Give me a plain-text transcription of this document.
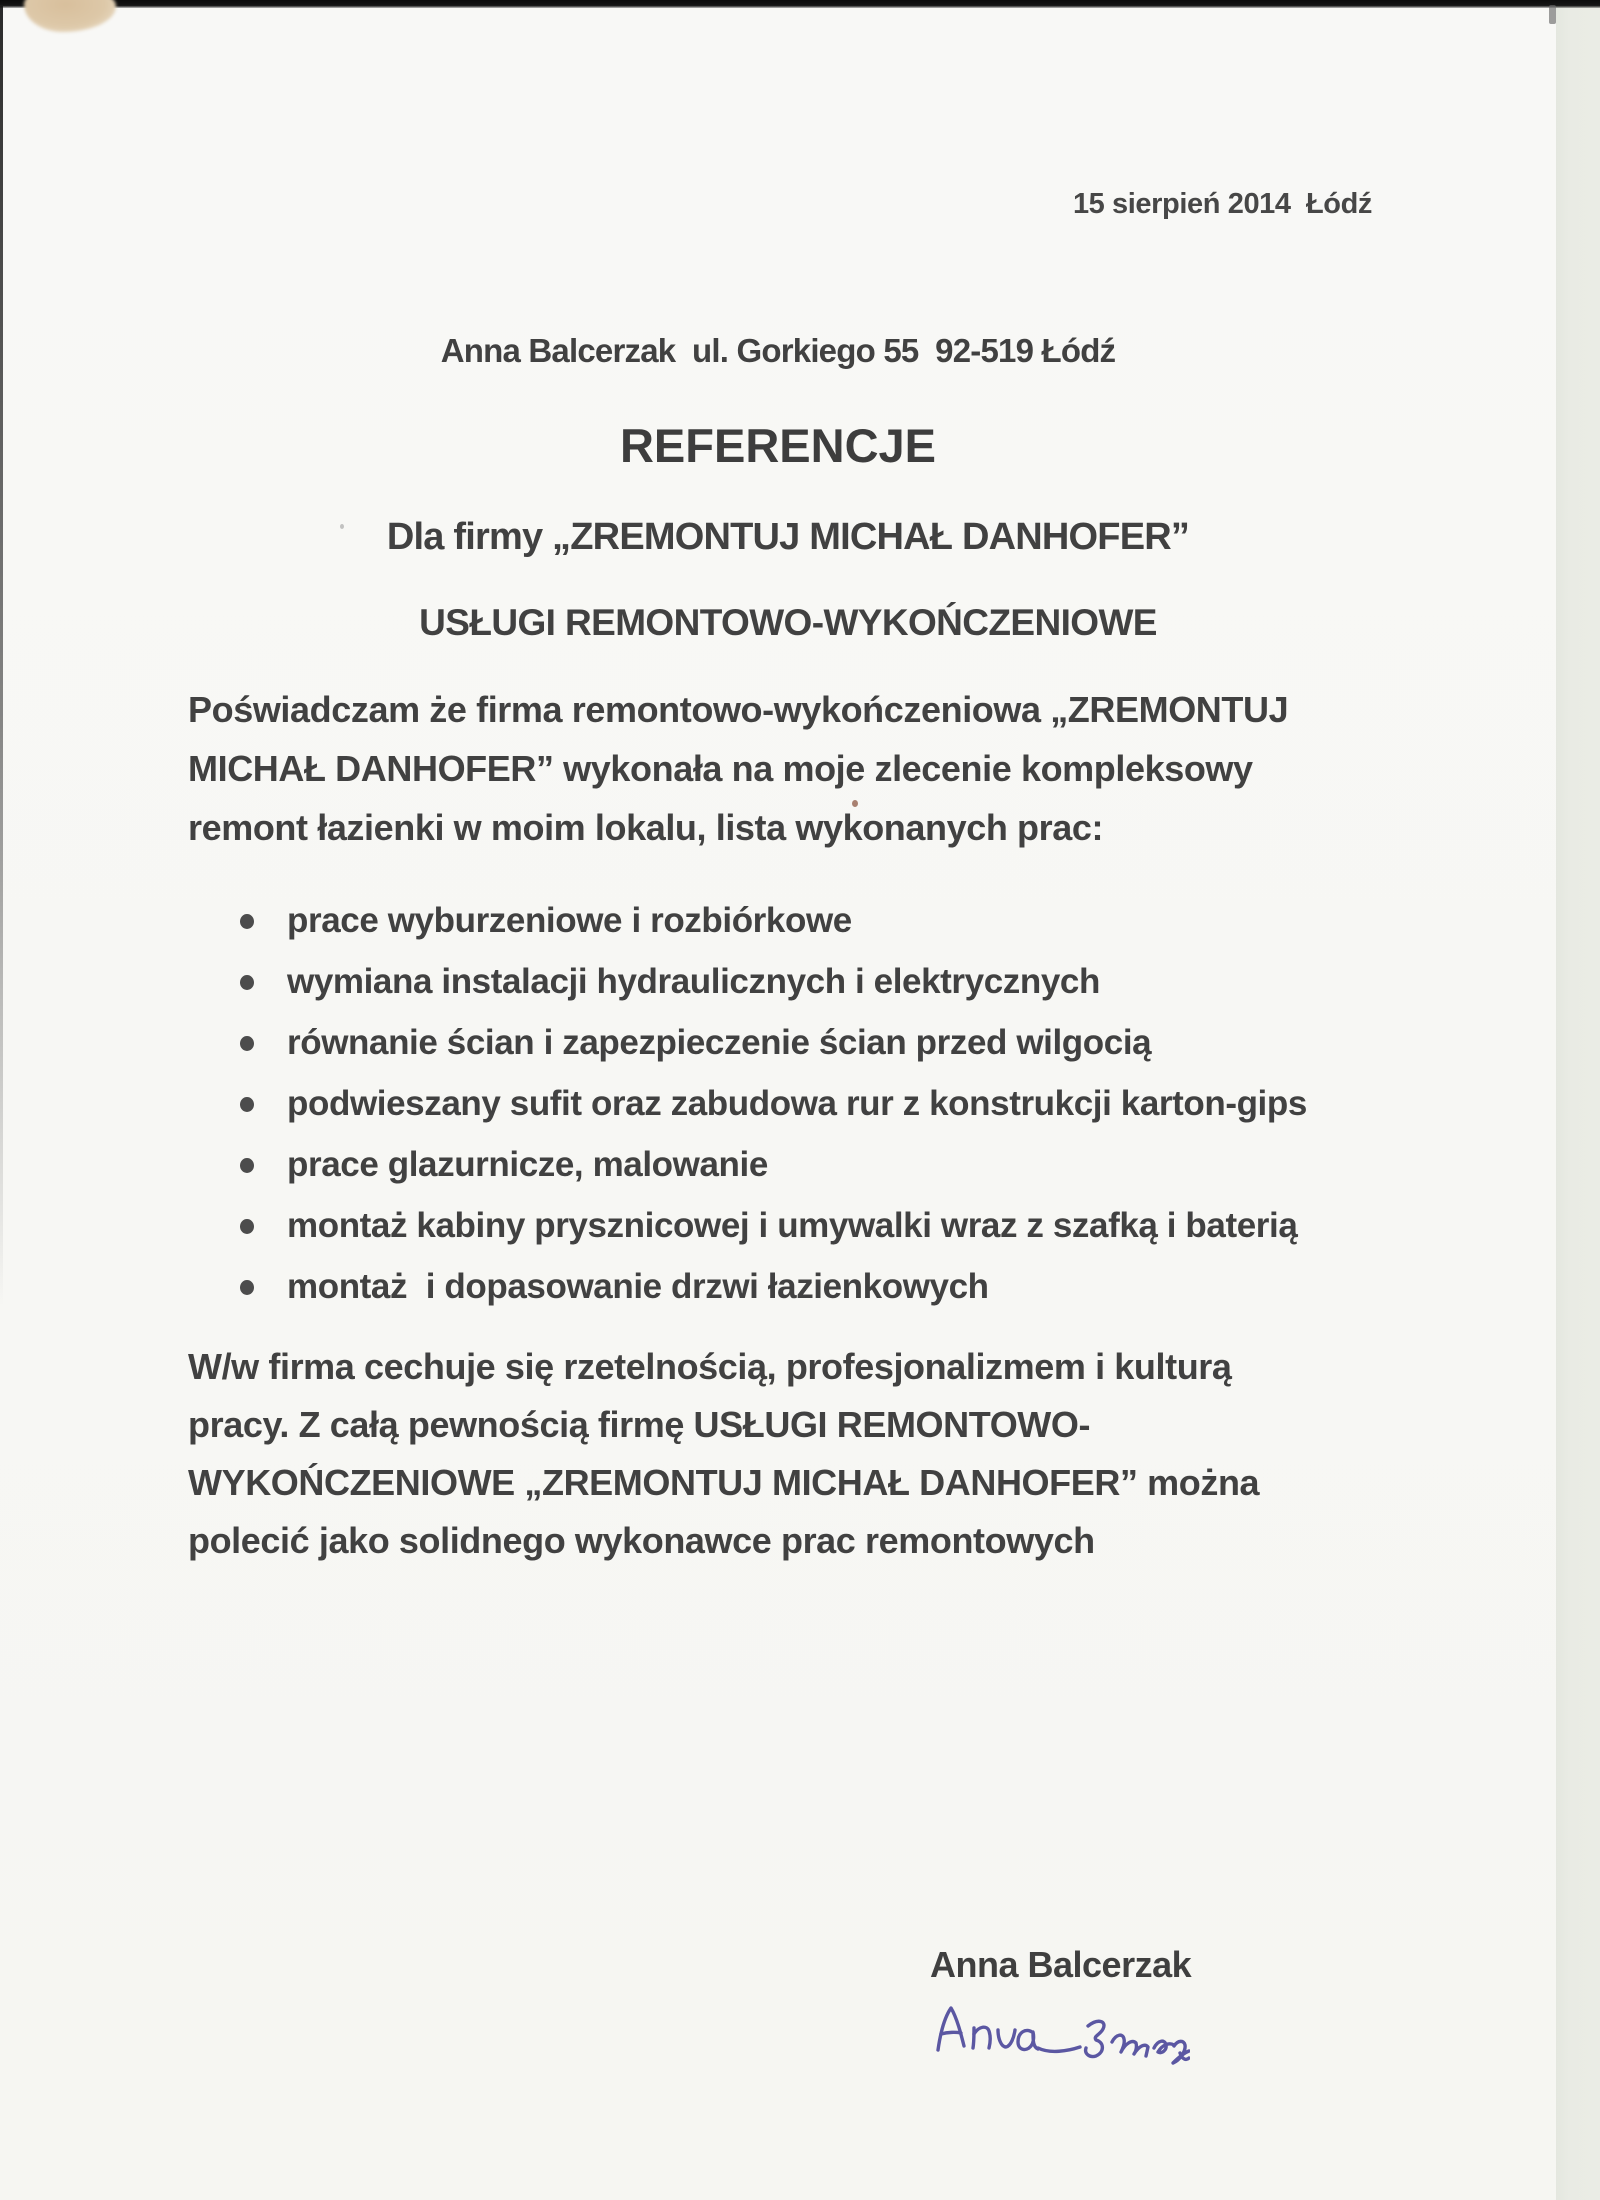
15 sierpień 2014  Łódź
Anna Balcerzak  ul. Gorkiego 55  92-519 Łódź
REFERENCJE
Dla firmy „ZREMONTUJ MICHAŁ DANHOFER”
USŁUGI REMONTOWO-WYKOŃCZENIOWE
Poświadczam że firma remontowo-wykończeniowa „ZREMONTUJ
MICHAŁ DANHOFER” wykonała na moje zlecenie kompleksowy
remont łazienki w moim lokalu, lista wykonanych prac:
prace wyburzeniowe i rozbiórkowe
wymiana instalacji hydraulicznych i elektrycznych
równanie ścian i zapezpieczenie ścian przed wilgocią
podwieszany sufit oraz zabudowa rur z konstrukcji karton-gips
prace glazurnicze, malowanie
montaż kabiny prysznicowej i umywalki wraz z szafką i baterią
montaż  i dopasowanie drzwi łazienkowych
W/w firma cechuje się rzetelnością, profesjonalizmem i kulturą
pracy. Z całą pewnością firmę USŁUGI REMONTOWO-
WYKOŃCZENIOWE „ZREMONTUJ MICHAŁ DANHOFER” można
polecić jako solidnego wykonawce prac remontowych
Anna Balcerzak
